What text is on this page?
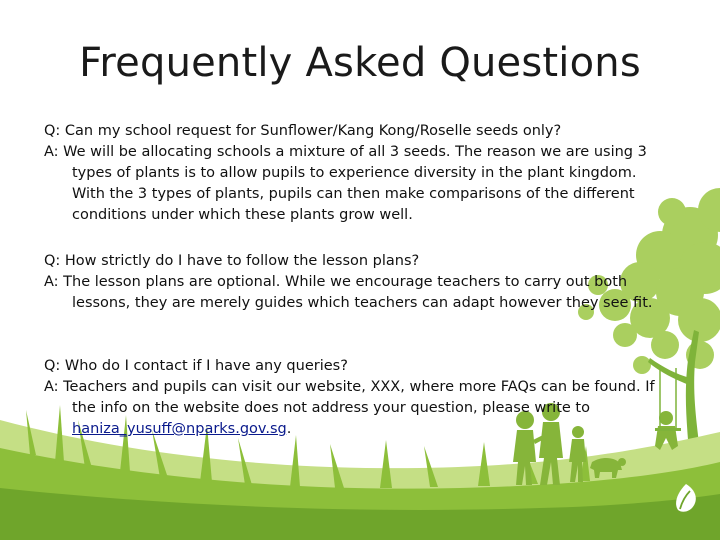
Frequently Asked Questions

Q: Can my school request for Sunflower/Kang Kong/Roselle seeds only?

A: We will be allocating schools a mixture of all 3 seeds. The reason we are using 3 types of plants is to allow pupils to experience diversity in the plant kingdom. With the 3 types of plants, pupils can then make comparisons of the different conditions under which these plants grow well.

Q: How strictly do I have to follow the lesson plans?

A: The lesson plans are optional. While we encourage teachers to carry out both lessons, they are merely guides which teachers can adapt however they see fit.

Q: Who do I contact if I have any queries?

A: Teachers and pupils can visit our website, XXX, where more FAQs can be found. If the info on the website does not address your question, please write to haniza_yusuff@nparks.gov.sg.
